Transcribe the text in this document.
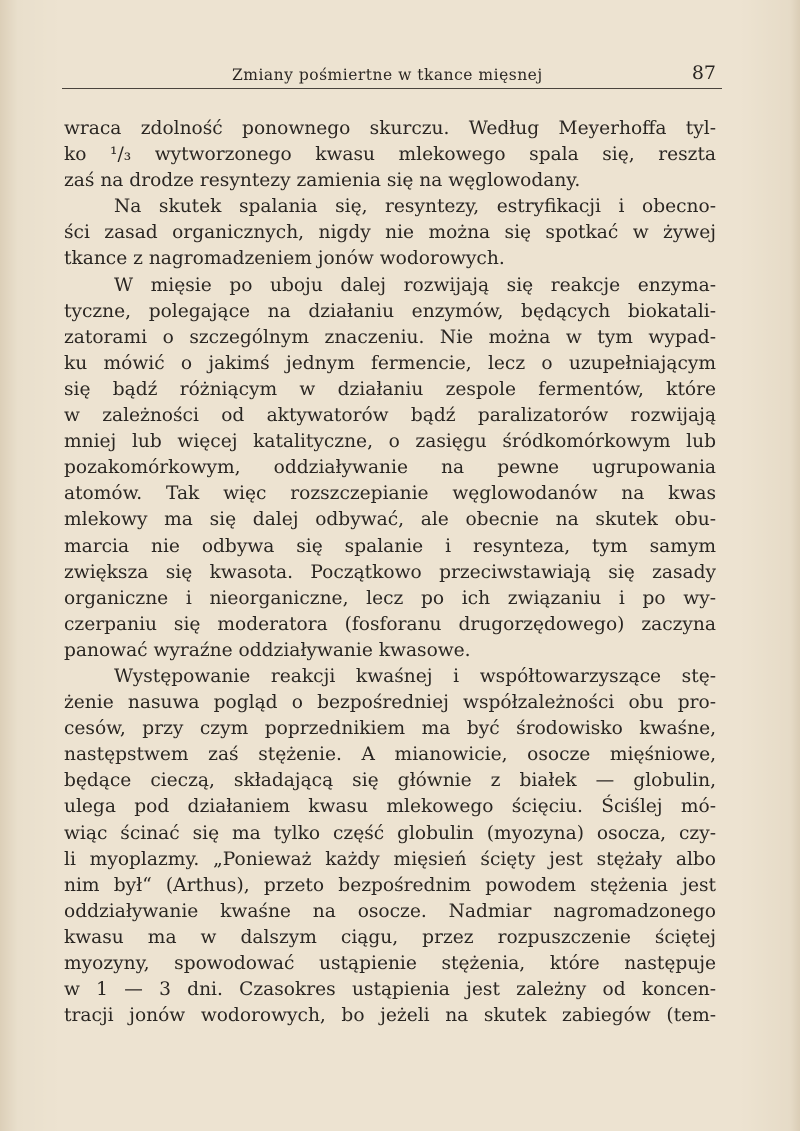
Zmiany pośmiertne w tkance mięsnej	87
wraca zdolność ponownego skurczu. Według Meyerhoffa tyl-
ko ¹/₃ wytworzonego kwasu mlekowego spala się, reszta
zaś na drodze resyntezy zamienia się na węglowodany.
Na skutek spalania się, resyntezy, estryfikacji i obecno-
ści zasad organicznych, nigdy nie można się spotkać w żywej
tkance z nagromadzeniem jonów wodorowych.
W mięsie po uboju dalej rozwijają się reakcje enzyma-
tyczne, polegające na działaniu enzymów, będących biokatali-
zatorami o szczególnym znaczeniu. Nie można w tym wypad-
ku mówić o jakimś jednym fermencie, lecz o uzupełniającym
się bądź różniącym w działaniu zespole fermentów, które
w zależności od aktywatorów bądź paralizatorów rozwijają
mniej lub więcej katalityczne, o zasięgu śródkomórkowym lub
pozakomórkowym, oddziaływanie na pewne ugrupowania
atomów. Tak więc rozszczepianie węglowodanów na kwas
mlekowy ma się dalej odbywać, ale obecnie na skutek obu-
marcia nie odbywa się spalanie i resynteza, tym samym
zwiększa się kwasota. Początkowo przeciwstawiają się zasady
organiczne i nieorganiczne, lecz po ich związaniu i po wy-
czerpaniu się moderatora (fosforanu drugorzędowego) zaczyna
panować wyraźne oddziaływanie kwasowe.
Występowanie reakcji kwaśnej i współtowarzyszące stę-
żenie nasuwa pogląd o bezpośredniej współzależności obu pro-
cesów, przy czym poprzednikiem ma być środowisko kwaśne,
następstwem zaś stężenie. A mianowicie, osocze mięśniowe,
będące cieczą, składającą się głównie z białek — globulin,
ulega pod działaniem kwasu mlekowego ścięciu. Ściślej mó-
wiąc ścinać się ma tylko część globulin (myozyna) osocza, czy-
li myoplazmy. „Ponieważ każdy mięsień ścięty jest stężały albo
nim był“ (Arthus), przeto bezpośrednim powodem stężenia jest
oddziaływanie kwaśne na osocze. Nadmiar nagromadzonego
kwasu ma w dalszym ciągu, przez rozpuszczenie ściętej
myozyny, spowodować ustąpienie stężenia, które następuje
w 1 — 3 dni. Czasokres ustąpienia jest zależny od koncen-
tracji jonów wodorowych, bo jeżeli na skutek zabiegów (tem-
